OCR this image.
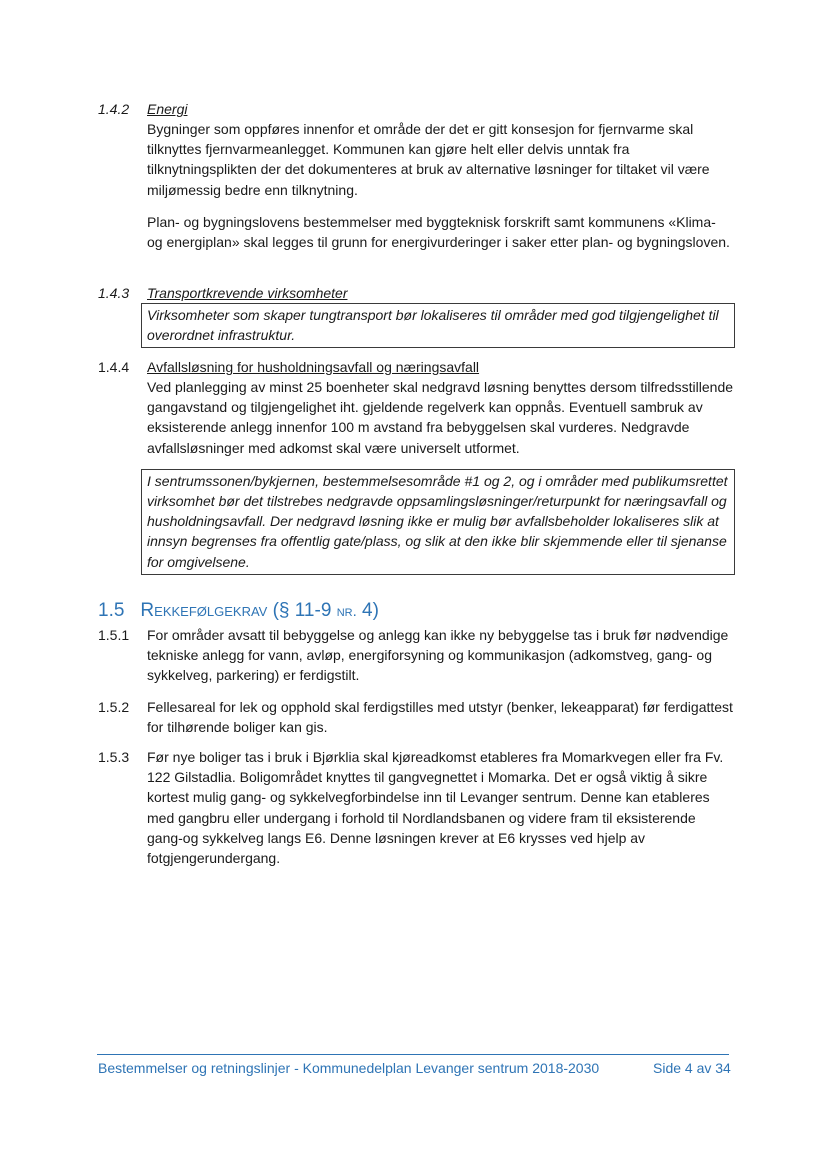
1.4.2 Energi

Bygninger som oppføres innenfor et område der det er gitt konsesjon for fjernvarme skal tilknyttes fjernvarmeanlegget. Kommunen kan gjøre helt eller delvis unntak fra tilknytningsplikten der det dokumenteres at bruk av alternative løsninger for tiltaket vil være miljømessig bedre enn tilknytning.

Plan- og bygningslovens bestemmelser med byggteknisk forskrift samt kommunens «Klima- og energiplan» skal legges til grunn for energivurderinger i saker etter plan- og bygningsloven.

1.4.3 Transportkrevende virksomheter
Virksomheter som skaper tungtransport bør lokaliseres til områder med god tilgjengelighet til overordnet infrastruktur.
1.4.4 Avfallsløsning for husholdningsavfall og næringsavfall

Ved planlegging av minst 25 boenheter skal nedgravd løsning benyttes dersom tilfredsstillende gangavstand og tilgjengelighet iht. gjeldende regelverk kan oppnås. Eventuell sambruk av eksisterende anlegg innenfor 100 m avstand fra bebyggelsen skal vurderes. Nedgravde avfallsløsninger med adkomst skal være universelt utformet.

I sentrumssonen/bykjernen, bestemmelsesområde #1 og 2, og i områder med publikumsrettet virksomhet bør det tilstrebes nedgravde oppsamlingsløsninger/returpunkt for næringsavfall og husholdningsavfall. Der nedgravd løsning ikke er mulig bør avfallsbeholder lokaliseres slik at innsyn begrenses fra offentlig gate/plass, og slik at den ikke blir skjemmende eller til sjenanse for omgivelsene.
1.5 Rekkefølgekrav (§ 11-9 nr. 4)
1.5.1 For områder avsatt til bebyggelse og anlegg kan ikke ny bebyggelse tas i bruk før nødvendige tekniske anlegg for vann, avløp, energiforsyning og kommunikasjon (adkomstveg, gang- og sykkelveg, parkering) er ferdigstilt.

1.5.2 Fellesareal for lek og opphold skal ferdigstilles med utstyr (benker, lekeapparat) før ferdigattest for tilhørende boliger kan gis.

1.5.3 Før nye boliger tas i bruk i Bjørklia skal kjøreadkomst etableres fra Momarkvegen eller fra Fv. 122 Gilstadlia. Boligområdet knyttes til gangvegnettet i Momarka. Det er også viktig å sikre kortest mulig gang- og sykkelvegforbindelse inn til Levanger sentrum. Denne kan etableres med gangbru eller undergang i forhold til Nordlandsbanen og videre fram til eksisterende gang-og sykkelveg langs E6. Denne løsningen krever at E6 krysses ved hjelp av fotgjengerundergang.

Bestemmelser og retningslinjer - Kommunedelplan Levanger sentrum 2018-2030	Side 4 av 34
